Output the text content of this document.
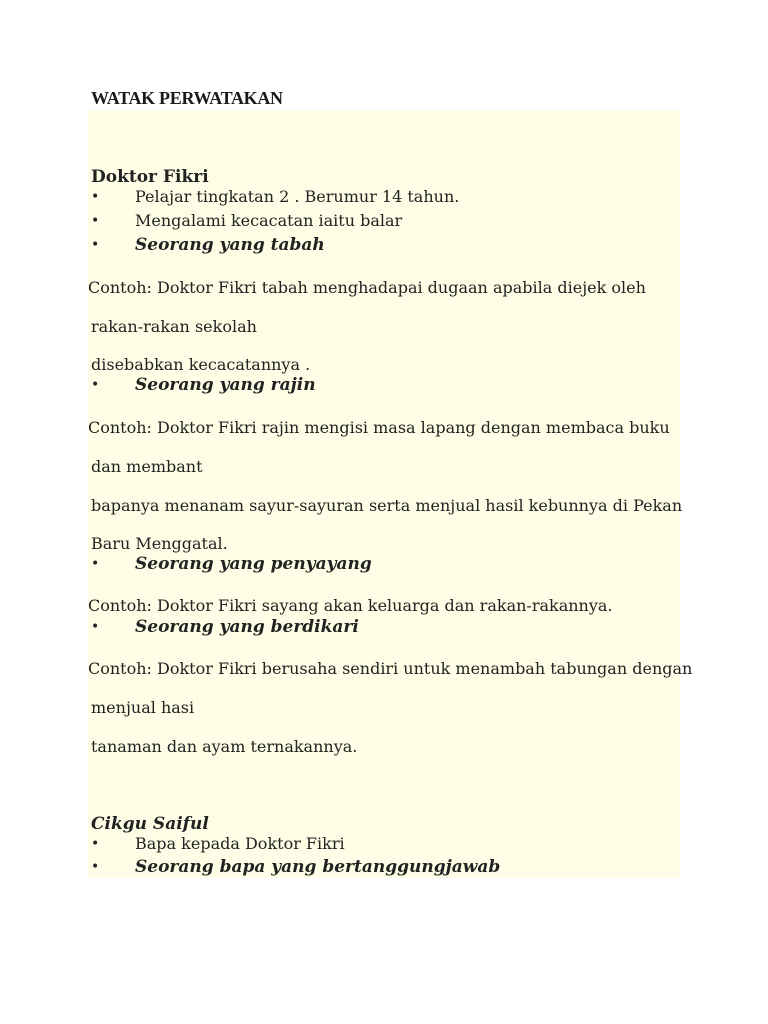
WATAK PERWATAKAN
Doktor Fikri
• Pelajar tingkatan 2 . Berumur 14 tahun.
• Mengalami kecacatan iaitu balar
• Seorang yang tabah
Contoh: Doktor Fikri tabah menghadapai dugaan apabila diejek oleh
rakan-rakan sekolah
disebabkan kecacatannya .
• Seorang yang rajin
Contoh: Doktor Fikri rajin mengisi masa lapang dengan membaca buku
dan membant
bapanya menanam sayur-sayuran serta menjual hasil kebunnya di Pekan
Baru Menggatal.
• Seorang yang penyayang
Contoh: Doktor Fikri sayang akan keluarga dan rakan-rakannya.
• Seorang yang berdikari
Contoh: Doktor Fikri berusaha sendiri untuk menambah tabungan dengan
menjual hasi
tanaman dan ayam ternakannya.
Cikgu Saiful
• Bapa kepada Doktor Fikri
• Seorang bapa yang bertanggungjawab
